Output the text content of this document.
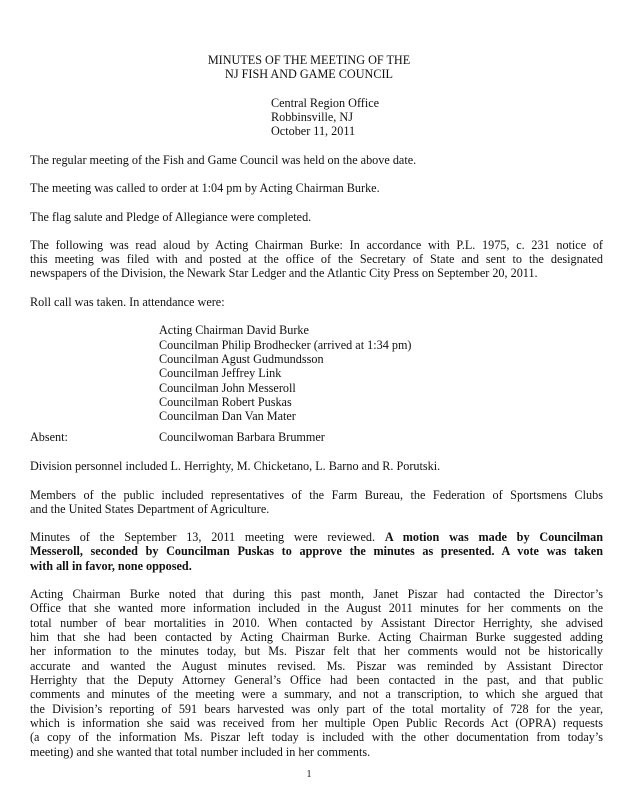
MINUTES OF THE MEETING OF THE
NJ FISH AND GAME COUNCIL
Central Region Office
Robbinsville, NJ
October 11, 2011
The regular meeting of the Fish and Game Council was held on the above date.
The meeting was called to order at 1:04 pm by Acting Chairman Burke.
The flag salute and Pledge of Allegiance were completed.
The following was read aloud by Acting Chairman Burke: In accordance with P.L. 1975, c. 231 notice of
this meeting was filed with and posted at the office of the Secretary of State and sent to the designated
newspapers of the Division, the Newark Star Ledger and the Atlantic City Press on September 20, 2011.
Roll call was taken. In attendance were:
Acting Chairman David Burke
Councilman Philip Brodhecker (arrived at 1:34 pm)
Councilman Agust Gudmundsson
Councilman Jeffrey Link
Councilman John Messeroll
Councilman Robert Puskas
Councilman Dan Van Mater
Absent:	Councilwoman Barbara Brummer
Division personnel included L. Herrighty, M. Chicketano, L. Barno and R. Porutski.
Members of the public included representatives of the Farm Bureau, the Federation of Sportsmens Clubs
and the United States Department of Agriculture.
Minutes of the September 13, 2011 meeting were reviewed. A motion was made by Councilman
Messeroll, seconded by Councilman Puskas to approve the minutes as presented. A vote was taken
with all in favor, none opposed.
Acting Chairman Burke noted that during this past month, Janet Piszar had contacted the Director’s
Office that she wanted more information included in the August 2011 minutes for her comments on the
total number of bear mortalities in 2010. When contacted by Assistant Director Herrighty, she advised
him that she had been contacted by Acting Chairman Burke. Acting Chairman Burke suggested adding
her information to the minutes today, but Ms. Piszar felt that her comments would not be historically
accurate and wanted the August minutes revised. Ms. Piszar was reminded by Assistant Director
Herrighty that the Deputy Attorney General’s Office had been contacted in the past, and that public
comments and minutes of the meeting were a summary, and not a transcription, to which she argued that
the Division’s reporting of 591 bears harvested was only part of the total mortality of 728 for the year,
which is information she said was received from her multiple Open Public Records Act (OPRA) requests
(a copy of the information Ms. Piszar left today is included with the other documentation from today’s
meeting) and she wanted that total number included in her comments.
1
